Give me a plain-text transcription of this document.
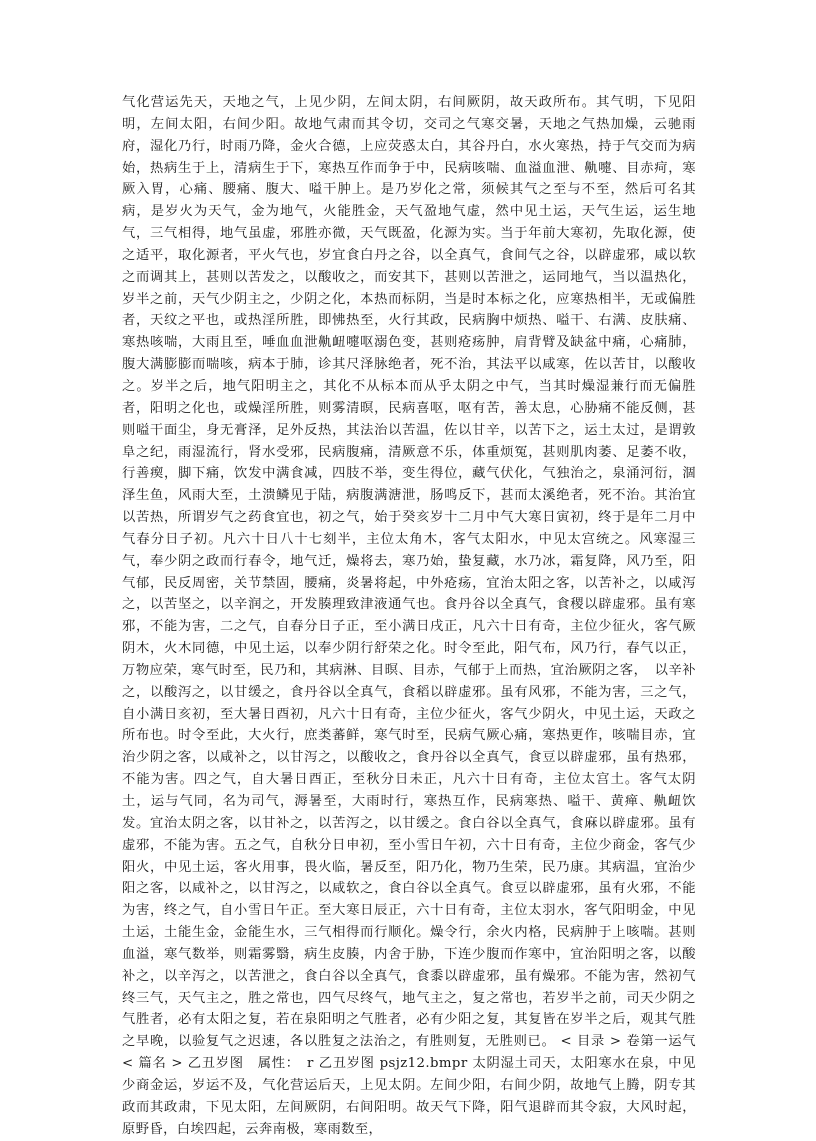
气化营运先天，天地之气，上见少阴，左间太阴，右间厥阴，故天政所布。其气明，下见阳明，左间太阳，右间少阳。故地气肃而其令切，交司之气寒交暑，天地之气热加燥，云驰雨府，湿化乃行，时雨乃降，金火合德，上应荧惑太白，其谷丹白，水火寒热，持于气交而为病始，热病生于上，清病生于下，寒热互作而争于中，民病咳喘、血溢血泄、鼽嚏、目赤疴，寒厥入胃，心痛、腰痛、腹大、嗌干肿上。是乃岁化之常，须候其气之至与不至，然后可名其病，是岁火为天气，金为地气，火能胜金，天气盈地气虚，然中见土运，天气生运，运生地气，三气相得，地气虽虚，邪胜亦微，天气既盈，化源为实。当于年前大寒初，先取化源，使之适平，取化源者，平火气也，岁宜食白丹之谷，以全真气，食间气之谷，以辟虚邪，咸以软之而调其上，甚则以苦发之，以酸收之，而安其下，甚则以苦泄之，运同地气，当以温热化，岁半之前，天气少阴主之，少阴之化，本热而标阴，当是时本标之化，应寒热相半，无或偏胜者，天纹之平也，或热淫所胜，即怫热至，火行其政，民病胸中烦热、嗌干、右满、皮肤痛、寒热咳喘，大雨且至，唾血血泄鼽衄嚏呕溺色变，甚则疮疡肿，肩背臂及缺盆中痛，心痛肺，腹大满膨膨而喘咳，病本于肺，诊其尺泽脉绝者，死不治，其法平以咸寒，佐以苦甘，以酸收之。岁半之后，地气阳明主之，其化不从标本而从乎太阴之中气，当其时燥湿兼行而无偏胜者，阳明之化也，或燥淫所胜，则雾清暝，民病喜呕，呕有苦，善太息，心胁痛不能反侧，甚则嗌干面尘，身无膏泽，足外反热，其法治以苦温，佐以甘辛，以苦下之，运土太过，是谓敦阜之纪，雨湿流行，肾水受邪，民病腹痛，清厥意不乐，体重烦冤，甚则肌肉萎、足萎不收，行善瘈，脚下痛，饮发中满食减，四肢不举，变生得位，藏气伏化，气独治之，泉涌河衍，涸泽生鱼，风雨大至，土溃鳞见于陆，病腹满溏泄，肠鸣反下，甚而太溪绝者，死不治。其治宜以苦热，所谓岁气之药食宜也，初之气，始于癸亥岁十二月中气大寒日寅初，终于是年二月中气春分日子初。凡六十日八十七刻半，主位太角木，客气太阳水，中见太宫统之。风寒湿三气，奉少阴之政而行春令，地气迁，燥将去，寒乃始，蛰复藏，水乃冰，霜复降，风乃至，阳气郁，民反周密，关节禁固，腰痛，炎暑将起，中外疮疡，宜治太阳之客，以苦补之，以咸泻之，以苦坚之，以辛润之，开发腠理致津液通气也。食丹谷以全真气，食稷以辟虚邪。虽有寒邪，不能为害，二之气，自春分日子正，至小满日戌正，凡六十日有奇，主位少征火，客气厥阴木，火木同德，中见土运，以奉少阴行舒荣之化。时令至此，阳气布，风乃行，春气以正，万物应荣，寒气时至，民乃和，其病淋、目暝、目赤，气郁于上而热，宜治厥阴之客，　以辛补之，以酸泻之，以甘缓之，食丹谷以全真气，食稻以辟虚邪。虽有风邪，不能为害，三之气，自小满日亥初，至大暑日酉初，凡六十日有奇，主位少征火，客气少阴火，中见土运，天政之所布也。时令至此，大火行，庶类蕃鲜，寒气时至，民病气厥心痛，寒热更作，咳喘目赤，宜治少阴之客，以咸补之，以甘泻之，以酸收之，食丹谷以全真气，食豆以辟虚邪，虽有热邪，不能为害。四之气，自大暑日酉正，至秋分日未正，凡六十日有奇，主位太宫土。客气太阴土，运与气同，名为司气，溽暑至，大雨时行，寒热互作，民病寒热、嗌干、黄瘅、鼽衄饮发。宜治太阴之客，以甘补之，以苦泻之，以甘缓之。食白谷以全真气，食麻以辟虚邪。虽有虚邪，不能为害。五之气，自秋分日申初，至小雪日午初，六十日有奇，主位少商金，客气少阳火，中见土运，客火用事，畏火临，暑反至，阳乃化，物乃生荣，民乃康。其病温，宜治少阳之客，以咸补之，以甘泻之，以咸软之，食白谷以全真气。食豆以辟虚邪，虽有火邪，不能为害，终之气，自小雪日午正。至大寒日辰正，六十日有奇，主位太羽水，客气阳明金，中见土运，土能生金，金能生水，三气相得而行顺化。燥令行，余火内格，民病肿于上咳喘。甚则血溢，寒气数举，则霜雾翳，病生皮腠，内舍于胁，下连少腹而作寒中，宜治阳明之客，以酸补之，以辛泻之，以苦泄之，食白谷以全真气，食黍以辟虚邪，虽有燥邪。不能为害，然初气终三气，天气主之，胜之常也，四气尽终气，地气主之，复之常也，若岁半之前，司天少阴之气胜者，必有太阳之复，若在泉阳明之气胜者，必有少阳之复，其复皆在岁半之后，观其气胜之早晚，以验复气之迟速，各以胜复之法治之，有胜则复，无胜则已。 < 目录 > 卷第一运气 < 篇名 > 乙丑岁图　属性：　r 乙丑岁图 psjz12.bmpr 太阴湿土司天，太阳寒水在泉，中见少商金运，岁运不及，气化营运后天，上见太阴。左间少阳，右间少阴，故地气上腾，阴专其政而其政肃，下见太阳，左间厥阴，右间阳明。故天气下降，阳气退辟而其令寂，大风时起，原野昏，白埃四起，云奔南极，寒雨数至，
